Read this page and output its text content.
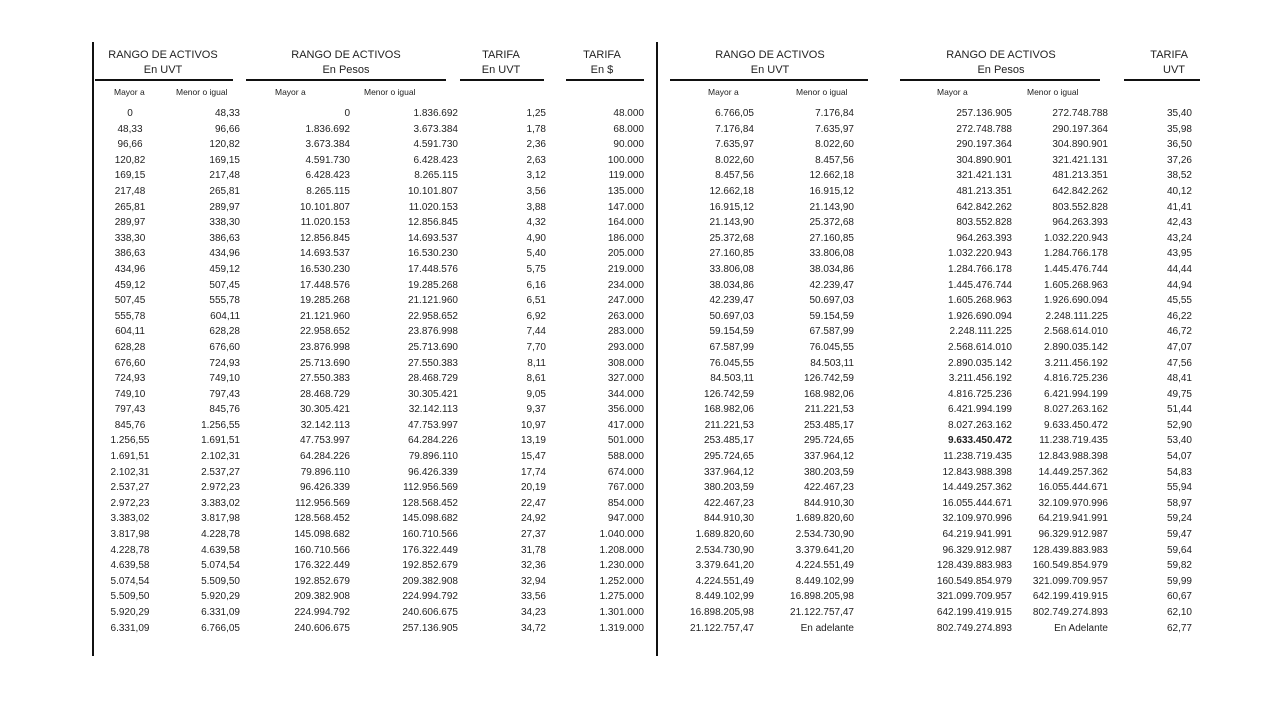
RANGO DE ACTIVOS
En UVT
RANGO DE ACTIVOS
En Pesos
TARIFA
En UVT
TARIFA
En $
Mayor a	Menor o igual	Mayor a	Menor o igual
RANGO DE ACTIVOS
En UVT
RANGO DE ACTIVOS
En Pesos
TARIFA
UVT
Mayor a	Menor o igual	Mayor a	Menor o igual
0	48,33	0	1.836.692	1,25	48.000
48,33	96,66	1.836.692	3.673.384	1,78	68.000
96,66	120,82	3.673.384	4.591.730	2,36	90.000
120,82	169,15	4.591.730	6.428.423	2,63	100.000
169,15	217,48	6.428.423	8.265.115	3,12	119.000
217,48	265,81	8.265.115	10.101.807	3,56	135.000
265,81	289,97	10.101.807	11.020.153	3,88	147.000
289,97	338,30	11.020.153	12.856.845	4,32	164.000
338,30	386,63	12.856.845	14.693.537	4,90	186.000
386,63	434,96	14.693.537	16.530.230	5,40	205.000
434,96	459,12	16.530.230	17.448.576	5,75	219.000
459,12	507,45	17.448.576	19.285.268	6,16	234.000
507,45	555,78	19.285.268	21.121.960	6,51	247.000
555,78	604,11	21.121.960	22.958.652	6,92	263.000
604,11	628,28	22.958.652	23.876.998	7,44	283.000
628,28	676,60	23.876.998	25.713.690	7,70	293.000
676,60	724,93	25.713.690	27.550.383	8,11	308.000
724,93	749,10	27.550.383	28.468.729	8,61	327.000
749,10	797,43	28.468.729	30.305.421	9,05	344.000
797,43	845,76	30.305.421	32.142.113	9,37	356.000
845,76	1.256,55	32.142.113	47.753.997	10,97	417.000
1.256,55	1.691,51	47.753.997	64.284.226	13,19	501.000
1.691,51	2.102,31	64.284.226	79.896.110	15,47	588.000
2.102,31	2.537,27	79.896.110	96.426.339	17,74	674.000
2.537,27	2.972,23	96.426.339	112.956.569	20,19	767.000
2.972,23	3.383,02	112.956.569	128.568.452	22,47	854.000
3.383,02	3.817,98	128.568.452	145.098.682	24,92	947.000
3.817,98	4.228,78	145.098.682	160.710.566	27,37	1.040.000
4.228,78	4.639,58	160.710.566	176.322.449	31,78	1.208.000
4.639,58	5.074,54	176.322.449	192.852.679	32,36	1.230.000
5.074,54	5.509,50	192.852.679	209.382.908	32,94	1.252.000
5.509,50	5.920,29	209.382.908	224.994.792	33,56	1.275.000
5.920,29	6.331,09	224.994.792	240.606.675	34,23	1.301.000
6.331,09	6.766,05	240.606.675	257.136.905	34,72	1.319.000
6.766,05	7.176,84	257.136.905	272.748.788	35,40
7.176,84	7.635,97	272.748.788	290.197.364	35,98
7.635,97	8.022,60	290.197.364	304.890.901	36,50
8.022,60	8.457,56	304.890.901	321.421.131	37,26
8.457,56	12.662,18	321.421.131	481.213.351	38,52
12.662,18	16.915,12	481.213.351	642.842.262	40,12
16.915,12	21.143,90	642.842.262	803.552.828	41,41
21.143,90	25.372,68	803.552.828	964.263.393	42,43
25.372,68	27.160,85	964.263.393	1.032.220.943	43,24
27.160,85	33.806,08	1.032.220.943	1.284.766.178	43,95
33.806,08	38.034,86	1.284.766.178	1.445.476.744	44,44
38.034,86	42.239,47	1.445.476.744	1.605.268.963	44,94
42.239,47	50.697,03	1.605.268.963	1.926.690.094	45,55
50.697,03	59.154,59	1.926.690.094	2.248.111.225	46,22
59.154,59	67.587,99	2.248.111.225	2.568.614.010	46,72
67.587,99	76.045,55	2.568.614.010	2.890.035.142	47,07
76.045,55	84.503,11	2.890.035.142	3.211.456.192	47,56
84.503,11	126.742,59	3.211.456.192	4.816.725.236	48,41
126.742,59	168.982,06	4.816.725.236	6.421.994.199	49,75
168.982,06	211.221,53	6.421.994.199	8.027.263.162	51,44
211.221,53	253.485,17	8.027.263.162	9.633.450.472	52,90
253.485,17	295.724,65	9.633.450.472	11.238.719.435	53,40
295.724,65	337.964,12	11.238.719.435	12.843.988.398	54,07
337.964,12	380.203,59	12.843.988.398	14.449.257.362	54,83
380.203,59	422.467,23	14.449.257.362	16.055.444.671	55,94
422.467,23	844.910,30	16.055.444.671	32.109.970.996	58,97
844.910,30	1.689.820,60	32.109.970.996	64.219.941.991	59,24
1.689.820,60	2.534.730,90	64.219.941.991	96.329.912.987	59,47
2.534.730,90	3.379.641,20	96.329.912.987	128.439.883.983	59,64
3.379.641,20	4.224.551,49	128.439.883.983	160.549.854.979	59,82
4.224.551,49	8.449.102,99	160.549.854.979	321.099.709.957	59,99
8.449.102,99	16.898.205,98	321.099.709.957	642.199.419.915	60,67
16.898.205,98	21.122.757,47	642.199.419.915	802.749.274.893	62,10
21.122.757,47	En adelante	802.749.274.893	En Adelante	62,77
